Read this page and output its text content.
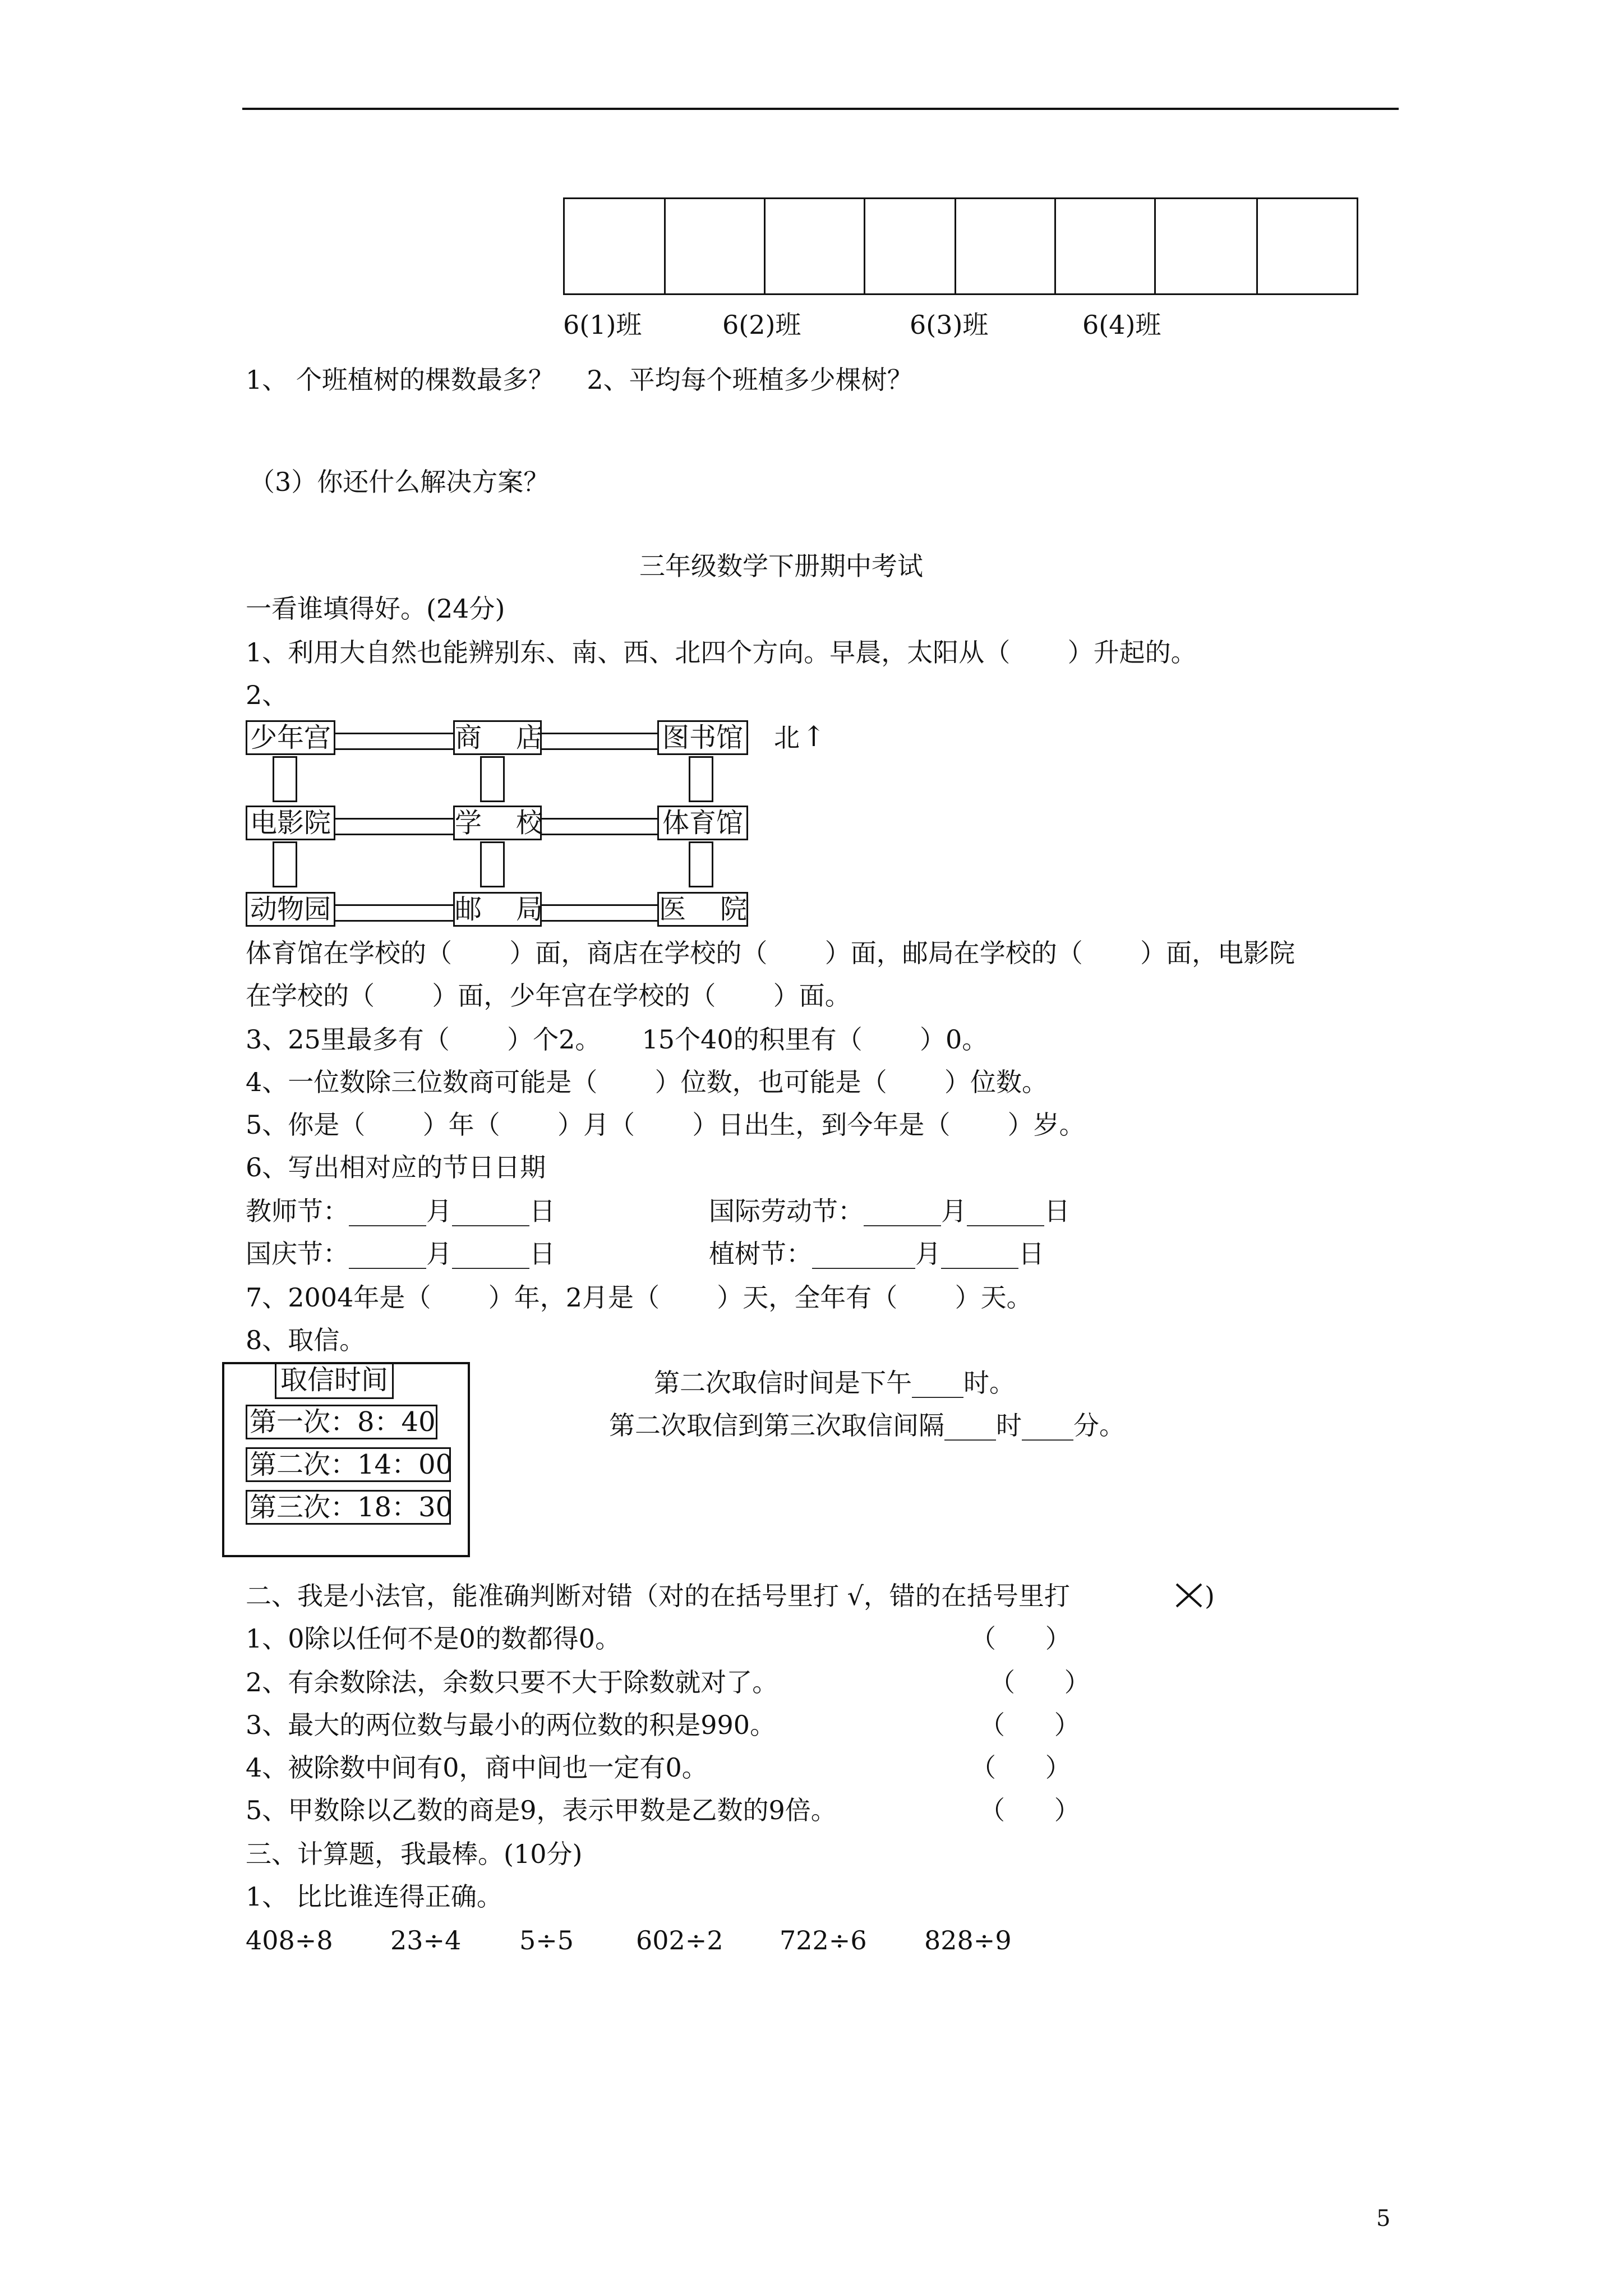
6(1)班	6(2)班	6(3)班	6(4)班
1、 个班植树的棵数最多？    2、平均每个班植多少棵树？
（3）你还什么解决方案？
三年级数学下册期中考试
一看谁填得好。(24分)
1、利用大自然也能辨别东、南、西、北四个方向。早晨，太阳从（       ）升起的。
2、
少年宫	商    店	图书馆 北 ↑
电影院	学    校	体育馆
动物园	邮    局	医    院
体育馆在学校的（       ）面，商店在学校的（       ）面，邮局在学校的（       ）面，电影院
在学校的（       ）面，少年宫在学校的（       ）面。
3、25里最多有（       ）个2。     15个40的积里有（       ）0。
4、一位数除三位数商可能是（       ）位数，也可能是（       ）位数。
5、你是（       ）年（       ）月（       ）日出生，到今年是（       ）岁。
6、写出相对应的节日日期
教师节：______月______日	国际劳动节：______月______日
国庆节：______月______日	植树节：________月______日
7、2004年是（       ）年，2月是（       ）天，全年有（       ）天。
8、取信。
取信时间
第一次：8：40
第二次：14：00
第三次：18：30
第二次取信时间是下午____时。
第二次取信到第三次取信间隔____时____分。
二、我是小法官，能准确判断对错（对的在括号里打 √，错的在括号里打	)
1、0除以任何不是0的数都得0。	（      ）
2、有余数除法，余数只要不大于除数就对了。	（      ）
3、最大的两位数与最小的两位数的积是990。	（      ）
4、被除数中间有0，商中间也一定有0。	（      ）
5、甲数除以乙数的商是9，表示甲数是乙数的9倍。	（      ）
三、计算题，我最棒。(10分)
1、 比比谁连得正确。
408÷8 23÷4 5÷5 602÷2 722÷6 828÷9
5
